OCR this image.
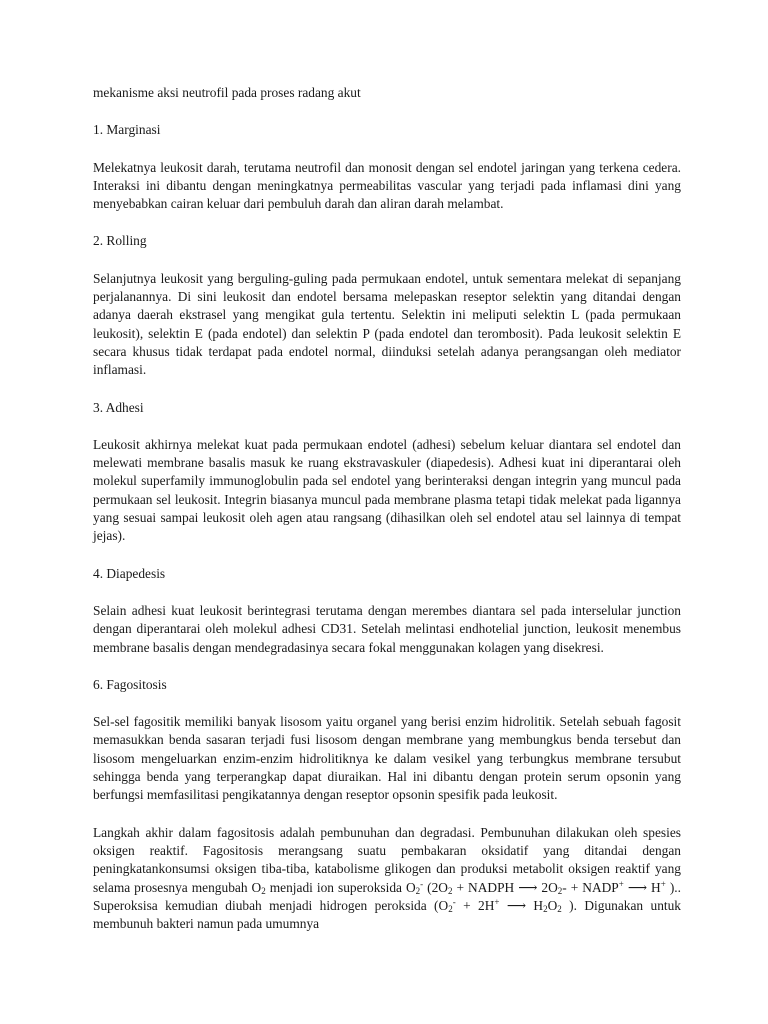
mekanisme aksi neutrofil pada proses radang akut

1. Marginasi

Melekatnya leukosit darah, terutama neutrofil dan monosit dengan sel endotel jaringan yang terkena cedera. Interaksi ini dibantu dengan meningkatnya permeabilitas vascular yang terjadi pada inflamasi dini yang menyebabkan cairan keluar dari pembuluh darah dan aliran darah melambat.

2. Rolling

Selanjutnya leukosit yang berguling-guling pada permukaan endotel, untuk sementara melekat di sepanjang perjalanannya. Di sini leukosit dan endotel bersama melepaskan reseptor selektin yang ditandai dengan adanya daerah ekstrasel yang mengikat gula tertentu. Selektin ini meliputi selektin L (pada permukaan leukosit), selektin E (pada endotel) dan selektin P (pada endotel dan terombosit). Pada leukosit selektin E secara khusus tidak terdapat pada endotel normal, diinduksi setelah adanya perangsangan oleh mediator inflamasi.

3. Adhesi

Leukosit akhirnya melekat kuat pada permukaan endotel (adhesi) sebelum keluar diantara sel endotel dan melewati membrane basalis masuk ke ruang ekstravaskuler (diapedesis). Adhesi kuat ini diperantarai oleh molekul superfamily immunoglobulin pada sel endotel yang berinteraksi dengan integrin yang muncul pada permukaan sel leukosit. Integrin biasanya muncul pada membrane plasma tetapi tidak melekat pada ligannya yang sesuai sampai leukosit oleh agen atau rangsang (dihasilkan oleh sel endotel atau sel lainnya di tempat jejas).

4. Diapedesis

Selain adhesi kuat leukosit berintegrasi terutama dengan merembes diantara sel pada interselular junction dengan diperantarai oleh molekul adhesi CD31. Setelah melintasi endhotelial junction, leukosit menembus membrane basalis dengan mendegradasinya secara fokal menggunakan kolagen yang disekresi.

6. Fagositosis

Sel-sel fagositik memiliki banyak lisosom yaitu organel yang berisi enzim hidrolitik. Setelah sebuah fagosit memasukkan benda sasaran terjadi fusi lisosom dengan membrane yang membungkus benda tersebut dan lisosom mengeluarkan enzim-enzim hidrolitiknya ke dalam vesikel yang terbungkus membrane tersubut sehingga benda yang terperangkap dapat diuraikan. Hal ini dibantu dengan protein serum opsonin yang berfungsi memfasilitasi pengikatannya dengan reseptor opsonin spesifik pada leukosit.

Langkah akhir dalam fagositosis adalah pembunuhan dan degradasi. Pembunuhan dilakukan oleh spesies oksigen reaktif. Fagositosis merangsang suatu pembakaran oksidatif yang ditandai dengan peningkatankonsumsi oksigen tiba-tiba, katabolisme glikogen dan produksi metabolit oksigen reaktif yang selama prosesnya mengubah $O_2$ menjadi ion superoksida $O_2^-$ ($2O_2$ + NADPH ⟶ $2O_2-$ + NADP+ ⟶ H+ ).. Superoksisa kemudian diubah menjadi hidrogen peroksida ($O_2^- + 2H^+$ ⟶ $H_2O_2$ ). Digunakan untuk membunuh bakteri namun pada umumnya
